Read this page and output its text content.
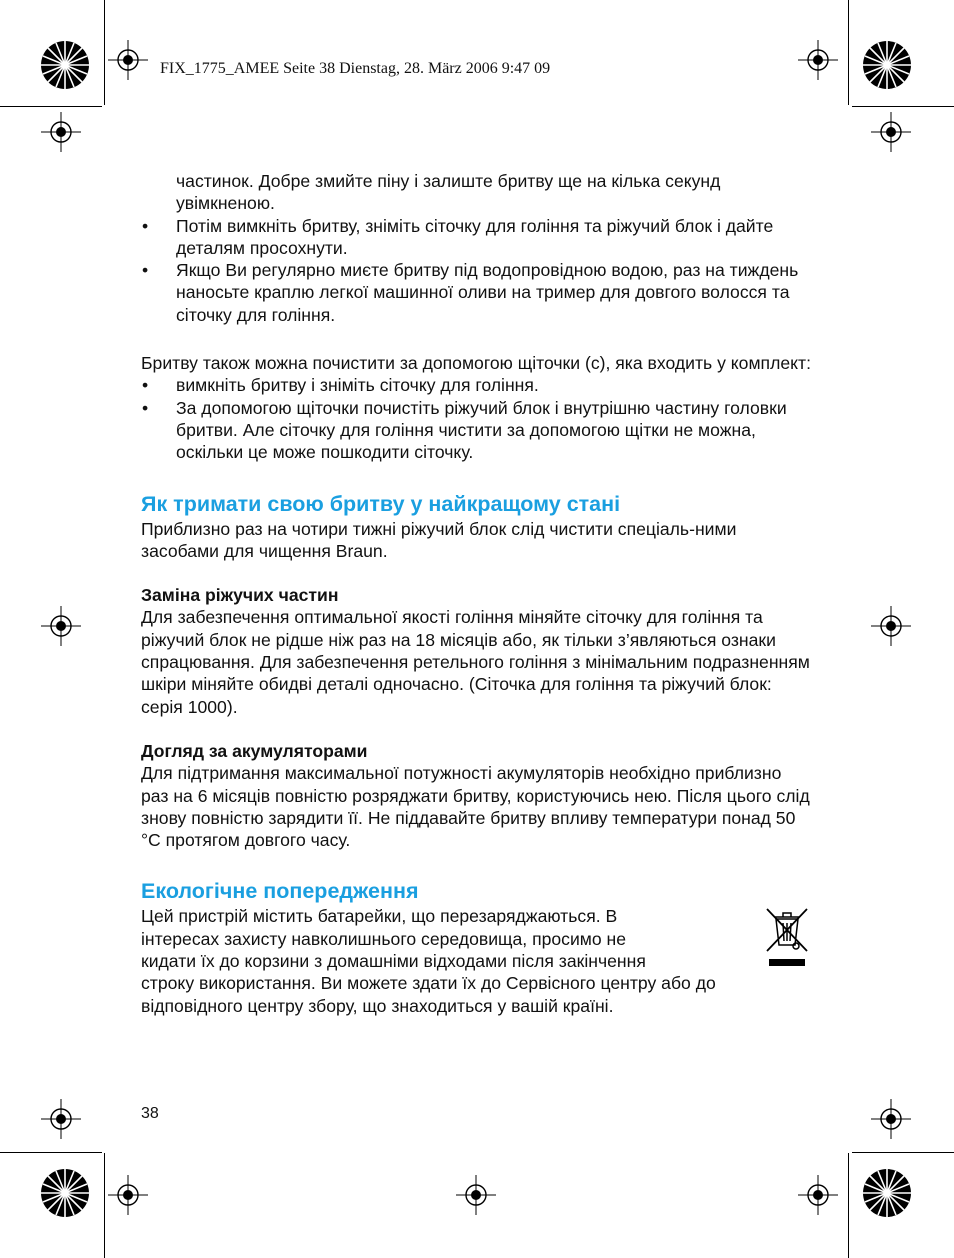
FIX_1775_AMEE Seite 38 Dienstag, 28. März 2006 9:47 09

частинок. Добре змийте піну і залиште бритву ще на кілька секунд увімкненою.

• Потім вимкніть бритву, зніміть сіточку для гоління та ріжучий блок і дайте деталям просохнути.
• Якщо Ви регулярно миєте бритву під водопровідною водою, раз на тиждень наносьте краплю легкої машинної оливи на тример для довгого волосся та сіточку для гоління.

Бритву також можна почистити за допомогою щіточки (c), яка входить у комплект:

• вимкніть бритву і зніміть сіточку для гоління.
• За допомогою щіточки почистіть ріжучий блок і внутрішню частину головки бритви. Але сіточку для гоління чистити за допомогою щітки не можна, оскільки це може пошкодити сіточку.
Як тримати свою бритву у найкращому стані

Приблизно раз на чотири тижні ріжучий блок слід чистити спеціаль-ними засобами для чищення Braun.

Заміна ріжучих частин

Для забезпечення оптимальної якості гоління міняйте сіточку для гоління та ріжучий блок не рідше ніж раз на 18 місяців або, як тільки з’являються ознаки спрацювання. Для забезпечення ретельного гоління з мінімальним подразненням шкіри міняйте обидві деталі одночасно. (Сіточка для гоління та ріжучий блок: серія 1000).

Догляд за акумуляторами

Для підтримання максимальної потужності акумуляторів необхідно приблизно раз на 6 місяців повністю розряджати бритву, користуючись нею. Після цього слід знову повністю зарядити її. Не піддавайте бритву впливу температури понад 50 °C протягом довгого часу.

Екологічне попередження

Цей пристрій містить батарейки, що перезаряджаються. В

інтересах захисту навколишнього середовища, просимо не

кидати їх до корзини з домашніми відходами після закінчення

строку використання. Ви можете здати їх до Сервісного центру або до

відповідного центру збору, що знаходиться у вашій країні.

38
